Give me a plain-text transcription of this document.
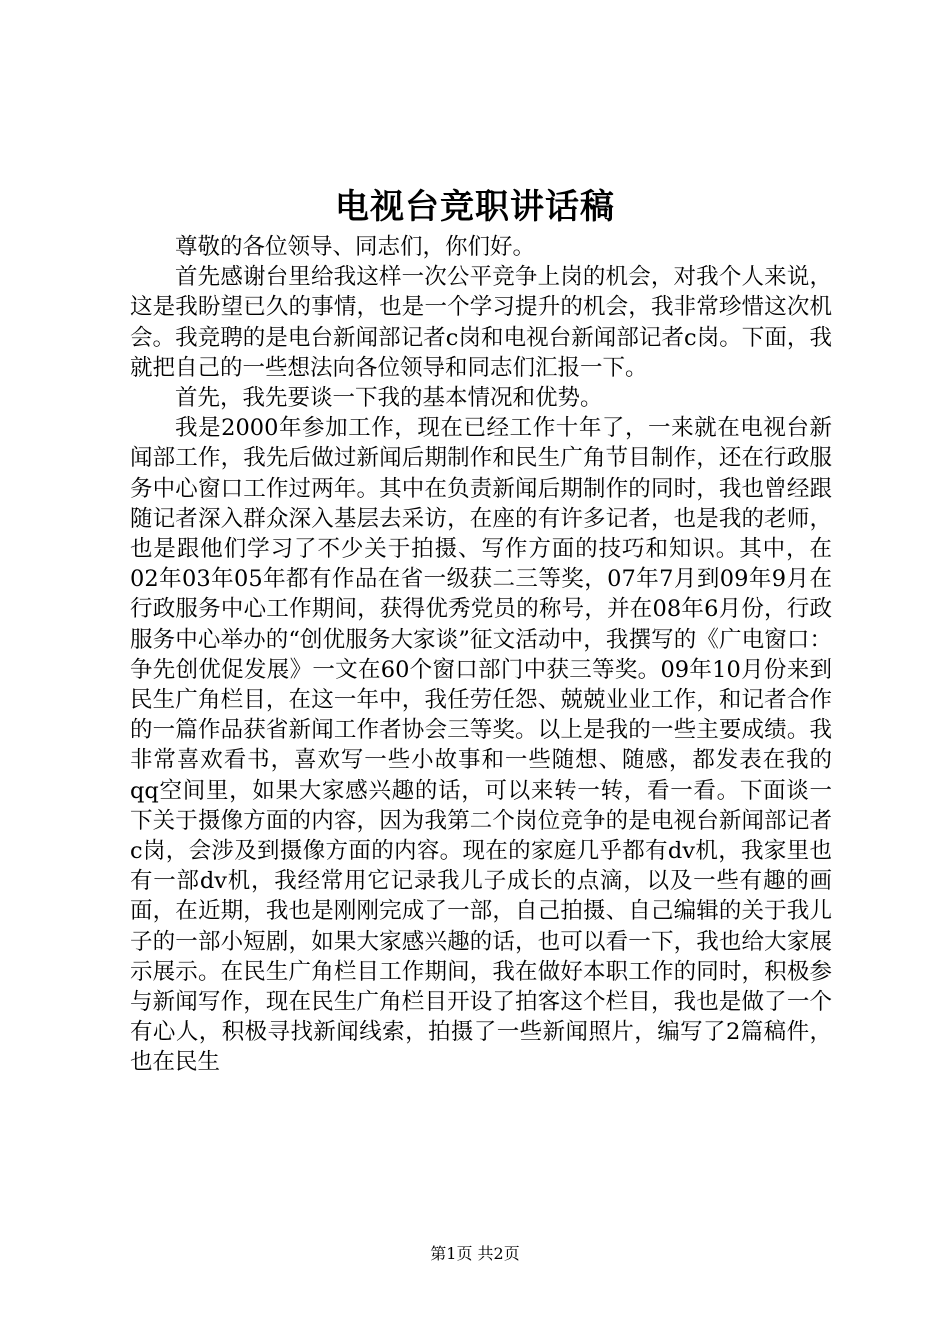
电视台竞职讲话稿

尊敬的各位领导、同志们，你们好。

首先感谢台里给我这样一次公平竞争上岗的机会，对我个人来说，这是我盼望已久的事情，也是一个学习提升的机会，我非常珍惜这次机会。我竞聘的是电台新闻部记者c岗和电视台新闻部记者c岗。下面，我就把自己的一些想法向各位领导和同志们汇报一下。

首先，我先要谈一下我的基本情况和优势。

我是2000年参加工作，现在已经工作十年了，一来就在电视台新闻部工作，我先后做过新闻后期制作和民生广角节目制作，还在行政服务中心窗口工作过两年。其中在负责新闻后期制作的同时，我也曾经跟随记者深入群众深入基层去采访，在座的有许多记者，也是我的老师，也是跟他们学习了不少关于拍摄、写作方面的技巧和知识。其中，在02年03年05年都有作品在省一级获二三等奖，07年7月到09年9月在行政服务中心工作期间，获得优秀党员的称号，并在08年6月份，行政服务中心举办的“创优服务大家谈”征文活动中，我撰写的《广电窗口：争先创优促发展》一文在60个窗口部门中获三等奖。09年10月份来到民生广角栏目，在这一年中，我任劳任怨、兢兢业业工作，和记者合作的一篇作品获省新闻工作者协会三等奖。以上是我的一些主要成绩。我非常喜欢看书，喜欢写一些小故事和一些随想、随感，都发表在我的qq空间里，如果大家感兴趣的话，可以来转一转，看一看。下面谈一下关于摄像方面的内容，因为我第二个岗位竞争的是电视台新闻部记者c岗，会涉及到摄像方面的内容。现在的家庭几乎都有dv机，我家里也有一部dv机，我经常用它记录我儿子成长的点滴，以及一些有趣的画面，在近期，我也是刚刚完成了一部，自己拍摄、自己编辑的关于我儿子的一部小短剧，如果大家感兴趣的话，也可以看一下，我也给大家展示展示。在民生广角栏目工作期间，我在做好本职工作的同时，积极参与新闻写作，现在民生广角栏目开设了拍客这个栏目，我也是做了一个有心人，积极寻找新闻线索，拍摄了一些新闻照片，编写了2篇稿件，也在民生

第1页 共2页
